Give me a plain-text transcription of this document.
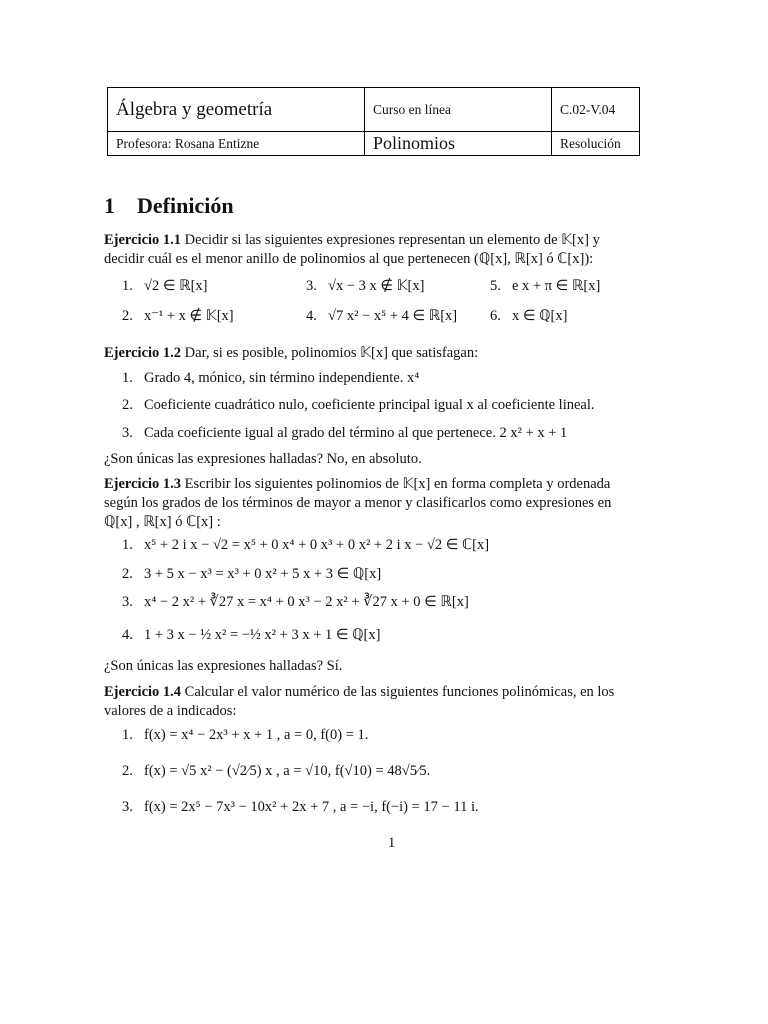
Álgebra y geometría	Curso en línea	C.02-V.04
Profesora: Rosana Entizne	Polinomios	Resolución
1 Definición
Ejercicio 1.1 Decidir si las siguientes expresiones representan un elemento de 𝕂[x] y
decidir cuál es el menor anillo de polinomios al que pertenecen (ℚ[x], ℝ[x] ó ℂ[x]):
1. √2 ∈ ℝ[x]	3. √x − 3 x ∉ 𝕂[x]	5. e x + π ∈ ℝ[x]
2. x⁻¹ + x ∉ 𝕂[x]	4. √7 x² − x⁵ + 4 ∈ ℝ[x] 6. x ∈ ℚ[x]
Ejercicio 1.2 Dar, si es posible, polinomios 𝕂[x] que satisfagan:
1. Grado 4, mónico, sin término independiente. x⁴
2. Coeficiente cuadrático nulo, coeficiente principal igual x al coeficiente lineal.
3. Cada coeficiente igual al grado del término al que pertenece. 2 x² + x + 1
¿Son únicas las expresiones halladas? No, en absoluto.
Ejercicio 1.3 Escribir los siguientes polinomios de 𝕂[x] en forma completa y ordenada
según los grados de los términos de mayor a menor y clasificarlos como expresiones en
ℚ[x] , ℝ[x] ó ℂ[x] :
1. x⁵ + 2 i x − √2 = x⁵ + 0 x⁴ + 0 x³ + 0 x² + 2 i x − √2 ∈ ℂ[x]
2. 3 + 5 x − x³ = x³ + 0 x² + 5 x + 3 ∈ ℚ[x]
3. x⁴ − 2 x² + ∛27 x = x⁴ + 0 x³ − 2 x² + ∛27 x + 0 ∈ ℝ[x]
4. 1 + 3 x − ½ x² = −½ x² + 3 x + 1 ∈ ℚ[x]
¿Son únicas las expresiones halladas? Sí.
Ejercicio 1.4 Calcular el valor numérico de las siguientes funciones polinómicas, en los
valores de a indicados:
1. f(x) = x⁴ − 2x³ + x + 1 , a = 0, f(0) = 1.
2. f(x) = √5 x² − (√2⁄5) x , a = √10, f(√10) = 48√5⁄5.
3. f(x) = 2x⁵ − 7x³ − 10x² + 2x + 7 , a = −i, f(−i) = 17 − 11 i.
1
